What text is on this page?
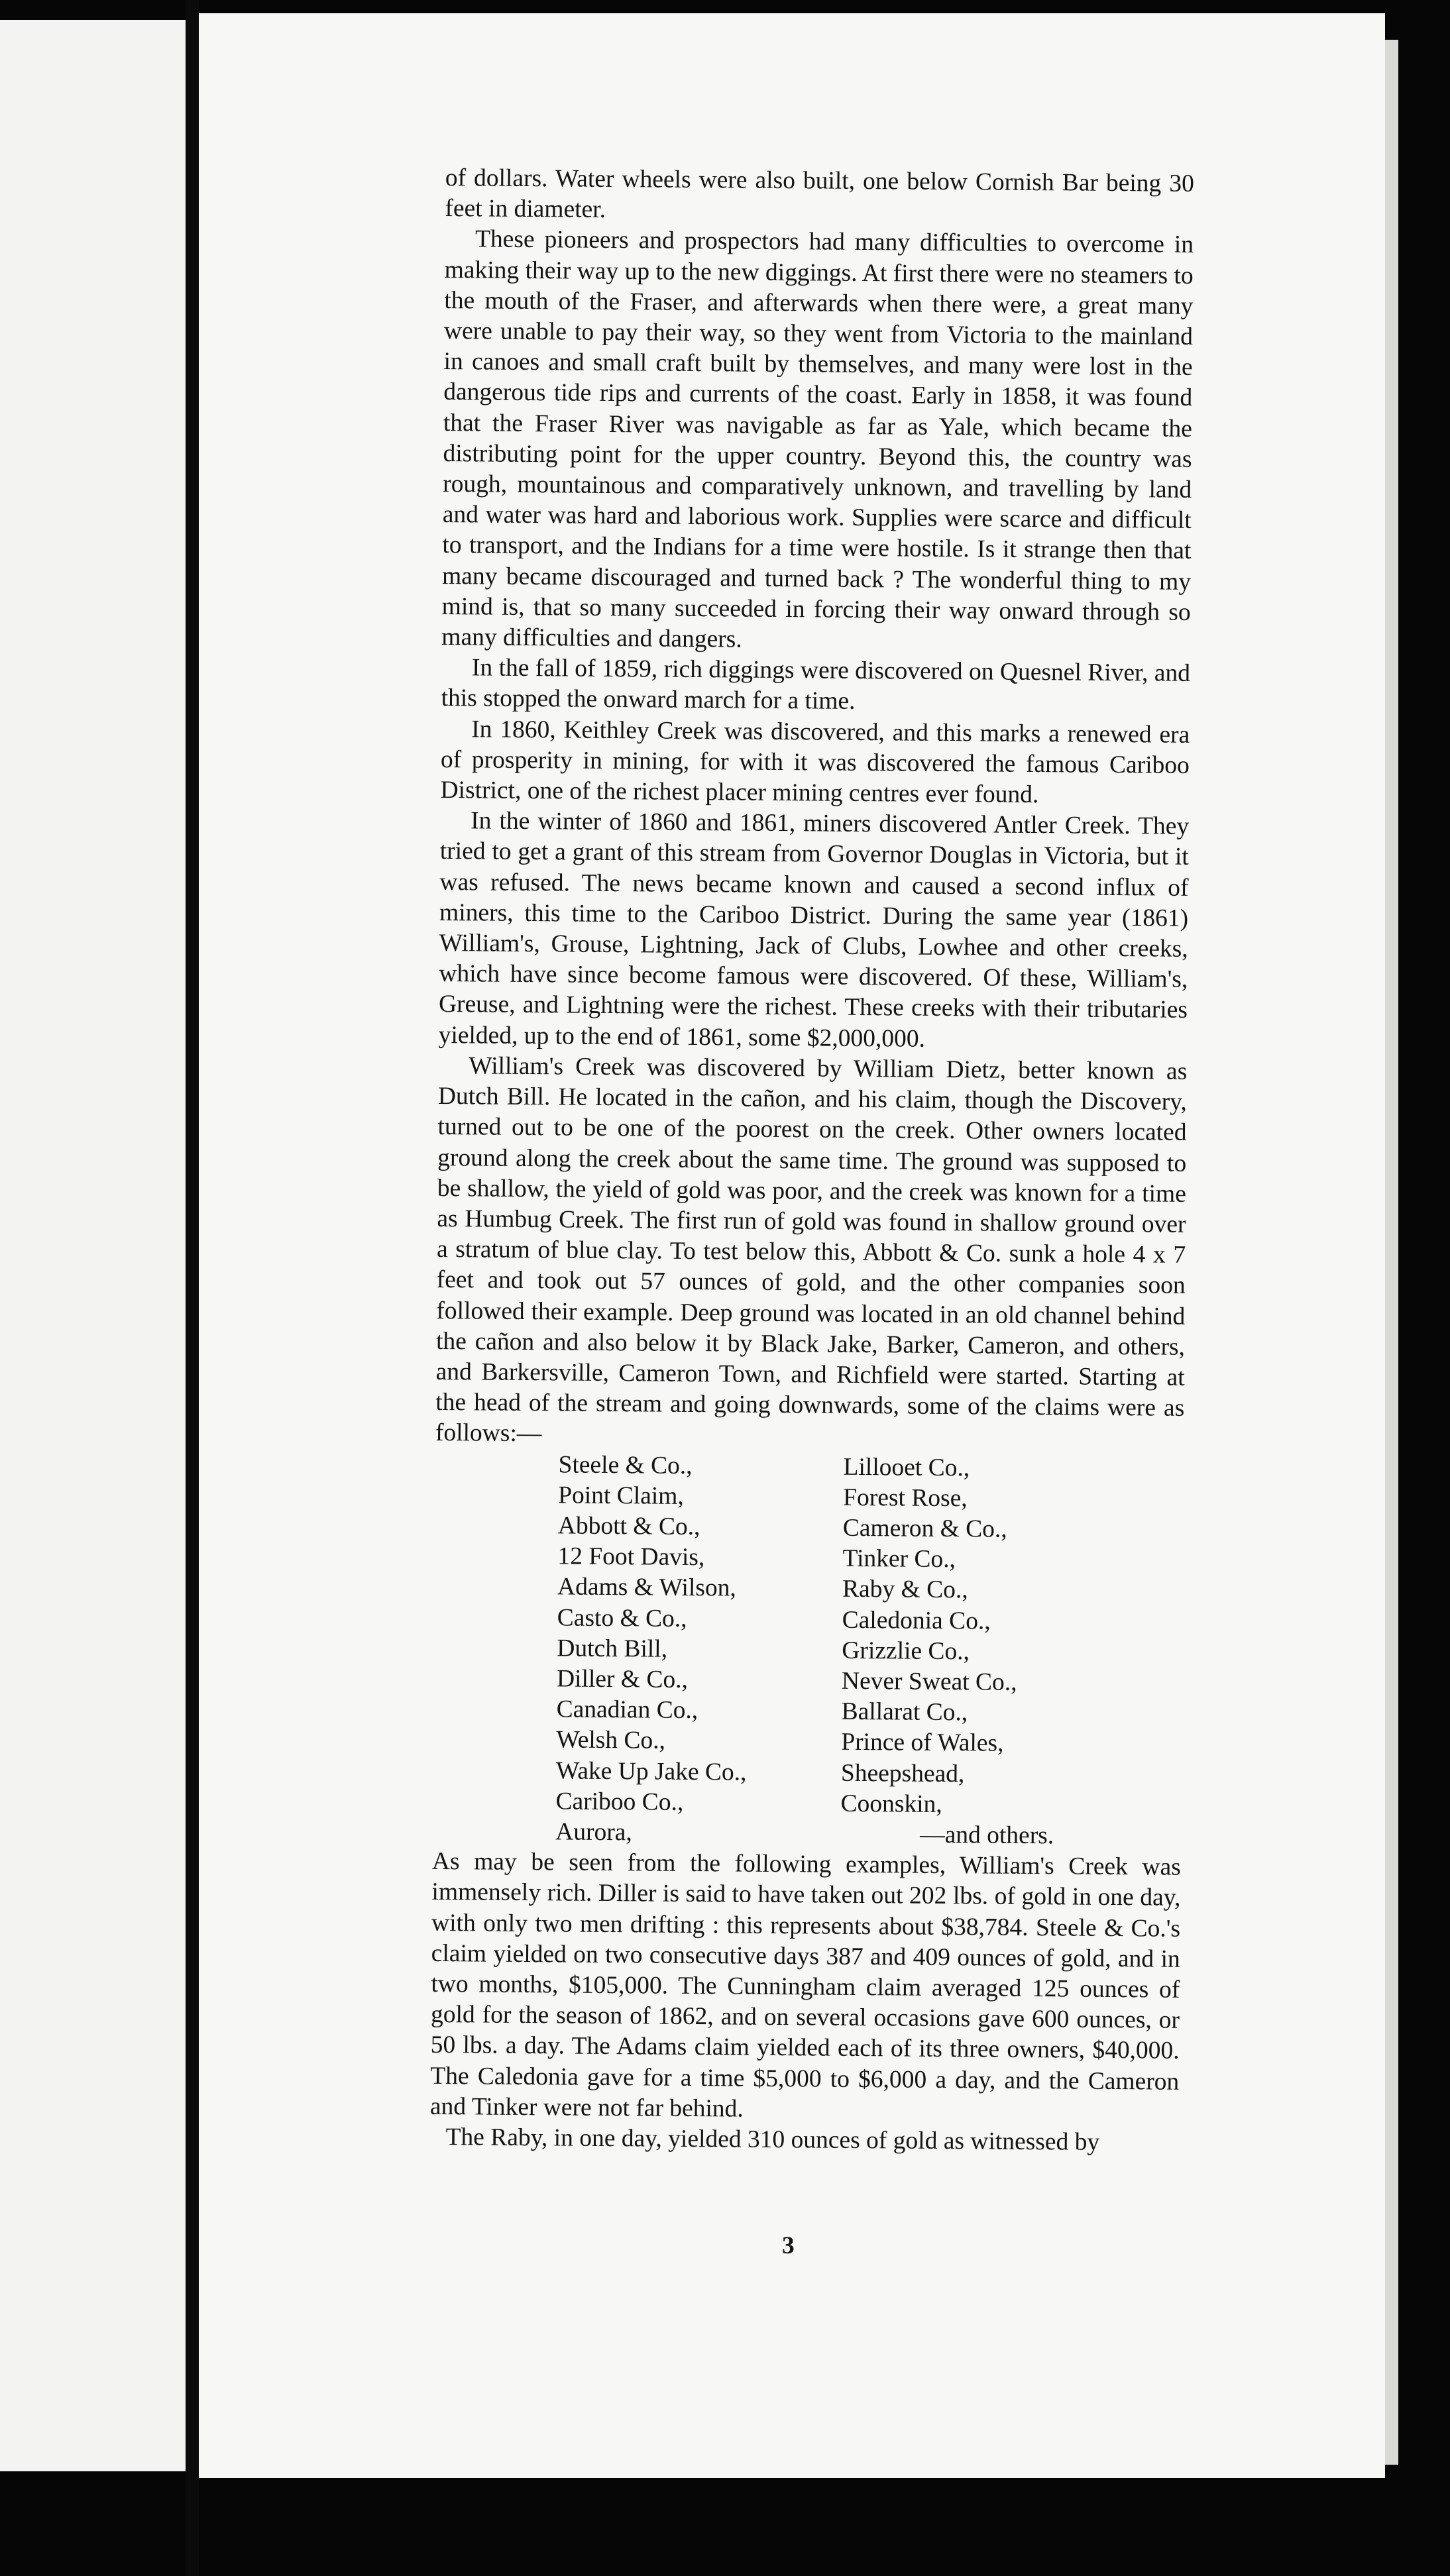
of dollars. Water wheels were also built, one below Cornish Bar being 30 feet in diameter.

These pioneers and prospectors had many difficulties to overcome in making their way up to the new diggings. At first there were no steamers to the mouth of the Fraser, and afterwards when there were, a great many were unable to pay their way, so they went from Victoria to the mainland in canoes and small craft built by themselves, and many were lost in the dangerous tide rips and currents of the coast. Early in 1858, it was found that the Fraser River was navigable as far as Yale, which became the distributing point for the upper country. Beyond this, the country was rough, mountainous and comparatively unknown, and travelling by land and water was hard and laborious work. Supplies were scarce and difficult to transport, and the Indians for a time were hostile. Is it strange then that many became discouraged and turned back ? The wonderful thing to my mind is, that so many succeeded in forcing their way onward through so many difficulties and dangers.

In the fall of 1859, rich diggings were discovered on Quesnel River, and this stopped the onward march for a time.

In 1860, Keithley Creek was discovered, and this marks a renewed era of prosperity in mining, for with it was discovered the famous Cariboo District, one of the richest placer mining centres ever found.

In the winter of 1860 and 1861, miners discovered Antler Creek. They tried to get a grant of this stream from Governor Douglas in Victoria, but it was refused. The news became known and caused a second influx of miners, this time to the Cariboo District. During the same year (1861) William's, Grouse, Lightning, Jack of Clubs, Lowhee and other creeks, which have since become famous were discovered. Of these, William's, Greuse, and Lightning were the richest. These creeks with their tributaries yielded, up to the end of 1861, some $2,000,000.

William's Creek was discovered by William Dietz, better known as Dutch Bill. He located in the cañon, and his claim, though the Discovery, turned out to be one of the poorest on the creek. Other owners located ground along the creek about the same time. The ground was supposed to be shallow, the yield of gold was poor, and the creek was known for a time as Humbug Creek. The first run of gold was found in shallow ground over a stratum of blue clay. To test below this, Abbott & Co. sunk a hole 4 x 7 feet and took out 57 ounces of gold, and the other companies soon followed their example. Deep ground was located in an old channel behind the cañon and also below it by Black Jake, Barker, Cameron, and others, and Barkersville, Cameron Town, and Richfield were started. Starting at the head of the stream and going downwards, some of the claims were as follows:—

Steele & Co.,	Lillooet Co.,
Point Claim,	Forest Rose,
Abbott & Co.,	Cameron & Co.,
12 Foot Davis,	Tinker Co.,
Adams & Wilson,	Raby & Co.,
Casto & Co.,	Caledonia Co.,
Dutch Bill,	Grizzlie Co.,
Diller & Co.,	Never Sweat Co.,
Canadian Co.,	Ballarat Co.,
Welsh Co.,	Prince of Wales,
Wake Up Jake Co.,	Sheepshead,
Cariboo Co.,	Coonskin,
Aurora,	—and others.

As may be seen from the following examples, William's Creek was immensely rich. Diller is said to have taken out 202 lbs. of gold in one day, with only two men drifting : this represents about $38,784. Steele & Co.'s claim yielded on two consecutive days 387 and 409 ounces of gold, and in two months, $105,000. The Cunningham claim averaged 125 ounces of gold for the season of 1862, and on several occasions gave 600 ounces, or 50 lbs. a day. The Adams claim yielded each of its three owners, $40,000. The Caledonia gave for a time $5,000 to $6,000 a day, and the Cameron and Tinker were not far behind.

The Raby, in one day, yielded 310 ounces of gold as witnessed by

3
